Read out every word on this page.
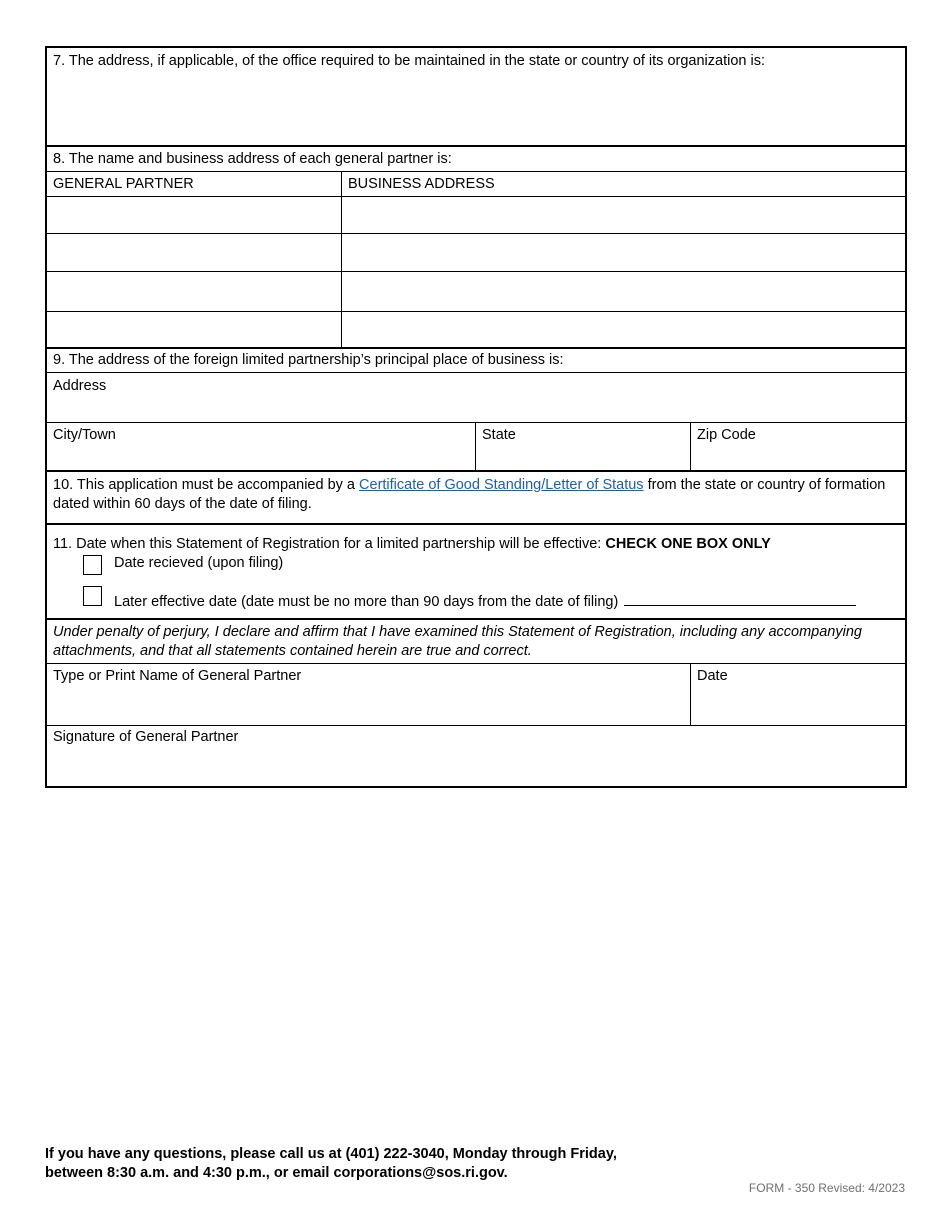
7. The address, if applicable, of the office required to be maintained in the state or country of its organization is:
8. The name and business address of each general partner is:
GENERAL PARTNER	BUSINESS ADDRESS
9. The address of the foreign limited partnership’s principal place of business is:
Address
City/Town	State	Zip Code
10. This application must be accompanied by a Certificate of Good Standing/Letter of Status from the state or country of formation dated within 60 days of the date of filing.
11. Date when this Statement of Registration for a limited partnership will be effective: CHECK ONE BOX ONLY
Date recieved (upon filing)
Later effective date (date must be no more than 90 days from the date of filing)
Under penalty of perjury, I declare and affirm that I have examined this Statement of Registration, including any accompanying attachments, and that all statements contained herein are true and correct.
Type or Print Name of General Partner	Date
Signature of General Partner
If you have any questions, please call us at (401) 222-3040, Monday through Friday,
between 8:30 a.m. and 4:30 p.m., or email corporations@sos.ri.gov.
FORM - 350 Revised: 4/2023
